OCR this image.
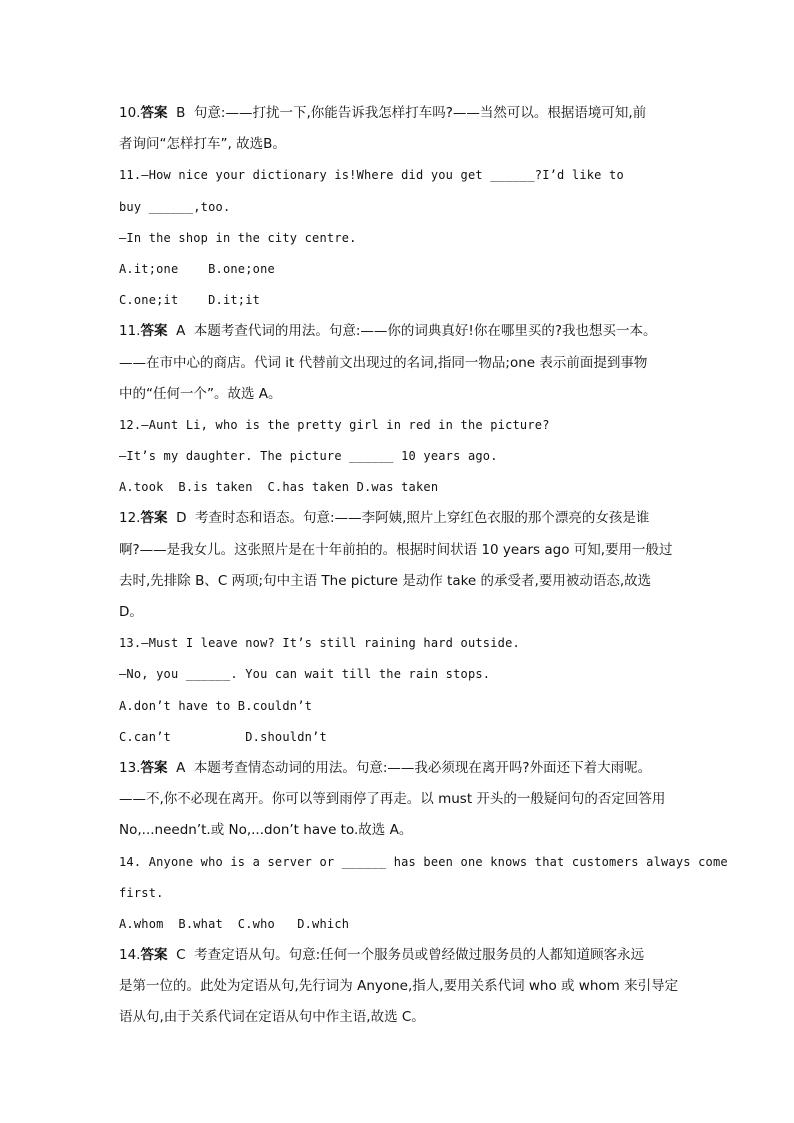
10.答案  B  句意:——打扰一下,你能告诉我怎样打车吗?——当然可以。根据语境可知,前
者询问“怎样打车”, 故选B。
11.—How nice your dictionary is!Where did you get ______?I’d like to
buy ______,too.
—In the shop in the city centre.
A.it;one    B.one;one
C.one;it    D.it;it
11.答案  A  本题考查代词的用法。句意:——你的词典真好!你在哪里买的?我也想买一本。
——在市中心的商店。代词 it 代替前文出现过的名词,指同一物品;one 表示前面提到事物
中的“任何一个”。故选 A。
12.—Aunt Li, who is the pretty girl in red in the picture?
—It’s my daughter. The picture ______ 10 years ago.
A.took  B.is taken  C.has taken D.was taken
12.答案  D  考查时态和语态。句意:——李阿姨,照片上穿红色衣服的那个漂亮的女孩是谁
啊?——是我女儿。这张照片是在十年前拍的。根据时间状语 10 years ago 可知,要用一般过
去时,先排除 B、C 两项;句中主语 The picture 是动作 take 的承受者,要用被动语态,故选
D。
13.—Must I leave now? It’s still raining hard outside.
—No, you ______. You can wait till the rain stops.
A.don’t have to B.couldn’t
C.can’t          D.shouldn’t
13.答案  A  本题考查情态动词的用法。句意:——我必须现在离开吗?外面还下着大雨呢。
——不,你不必现在离开。你可以等到雨停了再走。以 must 开头的一般疑问句的否定回答用
No,...needn’t.或 No,...don’t have to.故选 A。
14. Anyone who is a server or ______ has been one knows that customers always come
first.
A.whom  B.what  C.who   D.which
14.答案  C  考查定语从句。句意:任何一个服务员或曾经做过服务员的人都知道顾客永远
是第一位的。此处为定语从句,先行词为 Anyone,指人,要用关系代词 who 或 whom 来引导定
语从句,由于关系代词在定语从句中作主语,故选 C。
